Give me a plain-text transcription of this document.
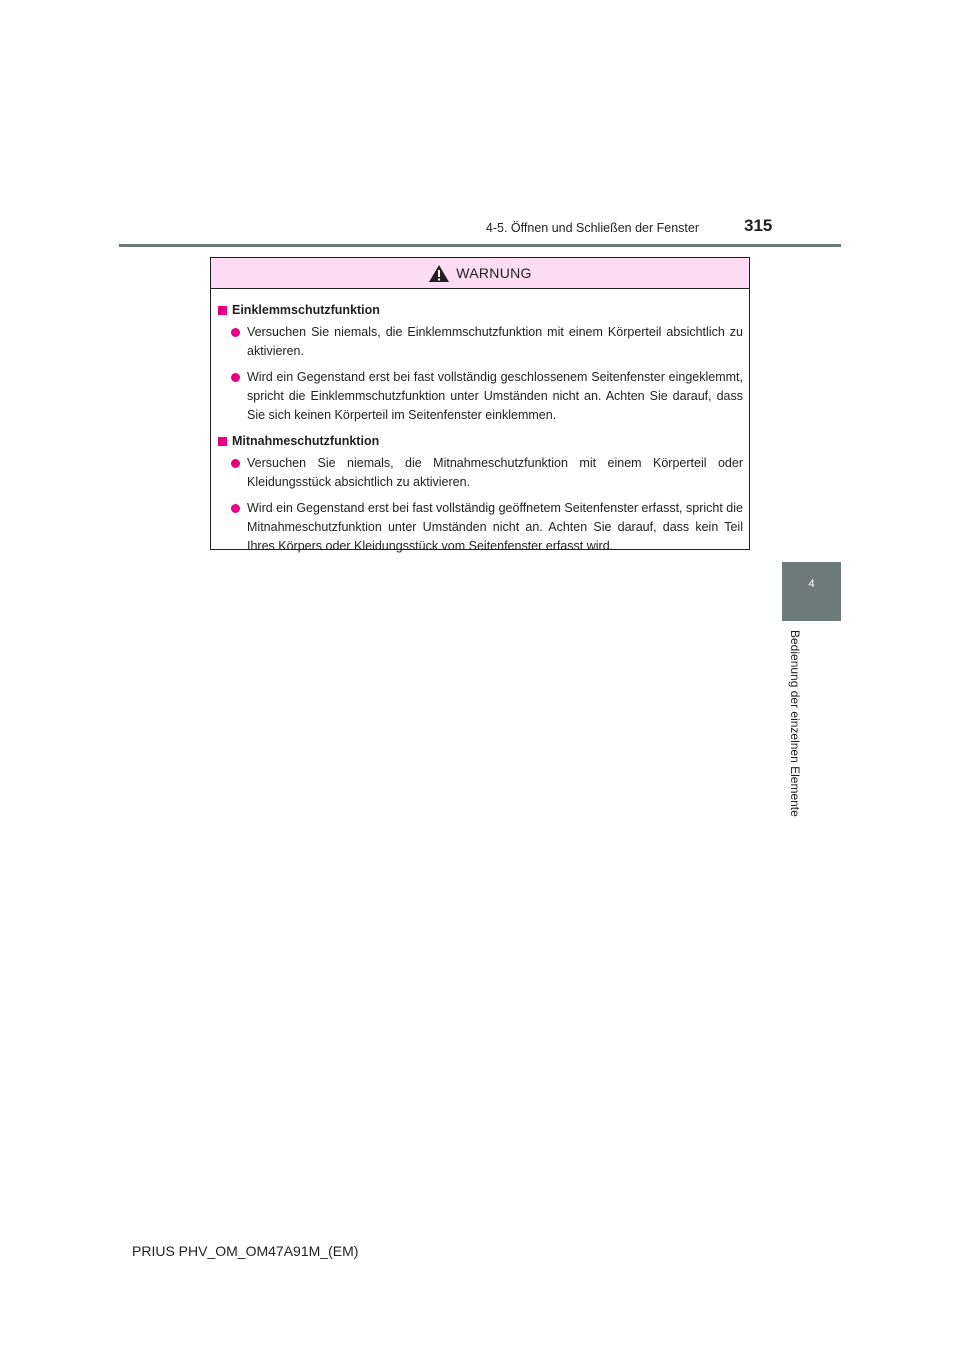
4-5. Öffnen und Schließen der Fenster	315
4
Bedienung der einzelnen Elemente
WARNUNG
Einklemmschutzfunktion
Versuchen Sie niemals, die Einklemmschutzfunktion mit einem Körperteil absichtlich zu aktivieren.
Wird ein Gegenstand erst bei fast vollständig geschlossenem Seitenfenster eingeklemmt, spricht die Einklemmschutzfunktion unter Umständen nicht an. Achten Sie darauf, dass Sie sich keinen Körperteil im Seitenfenster einklemmen.
Mitnahmeschutzfunktion
Versuchen Sie niemals, die Mitnahmeschutzfunktion mit einem Körperteil oder Kleidungsstück absichtlich zu aktivieren.
Wird ein Gegenstand erst bei fast vollständig geöffnetem Seitenfenster erfasst, spricht die Mitnahmeschutzfunktion unter Umständen nicht an. Achten Sie darauf, dass kein Teil Ihres Körpers oder Kleidungsstück vom Seitenfenster erfasst wird.
PRIUS PHV_OM_OM47A91M_(EM)
